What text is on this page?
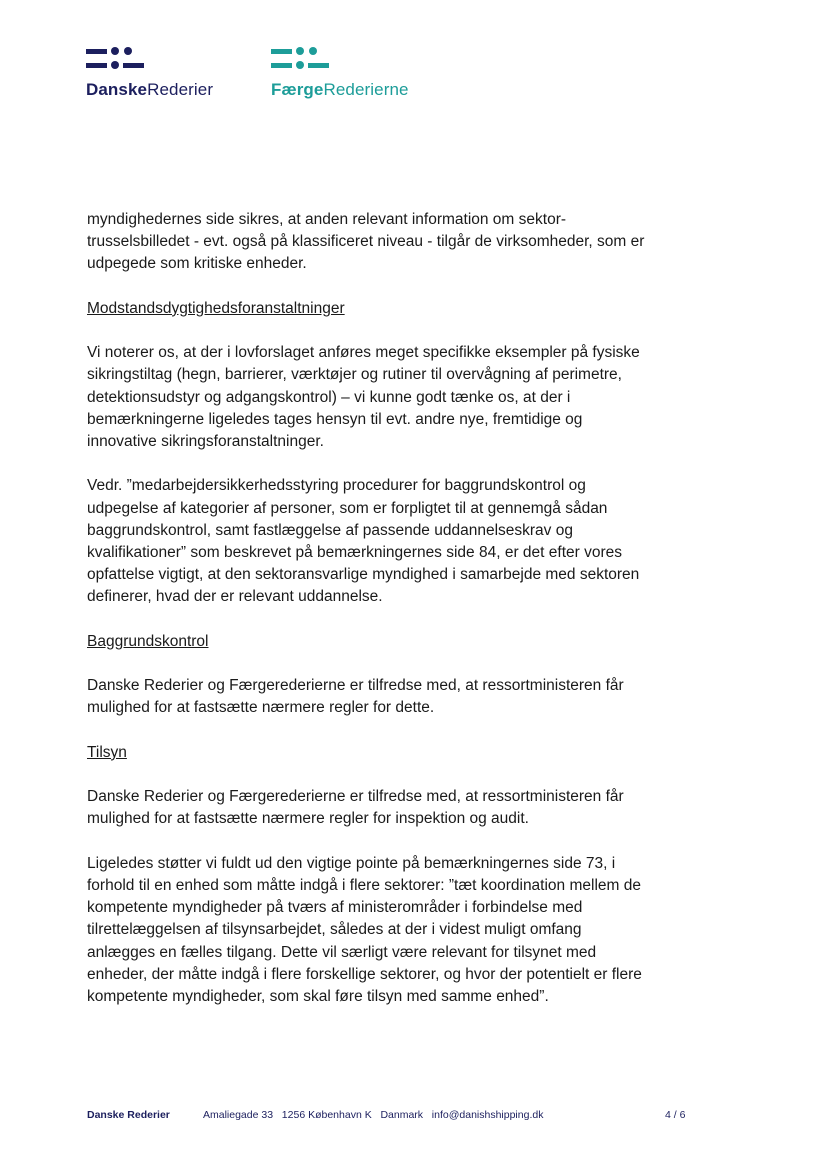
DanskeRederier	FærgeRederierne

myndighedernes side sikres, at anden relevant information om sektor-trusselsbilledet - evt. også på klassificeret niveau - tilgår de virksomheder, som er udpegede som kritiske enheder.

Modstandsdygtighedsforanstaltninger

Vi noterer os, at der i lovforslaget anføres meget specifikke eksempler på fysiske sikringstiltag (hegn, barrierer, værktøjer og rutiner til overvågning af perimetre, detektionsudstyr og adgangskontrol) – vi kunne godt tænke os, at der i bemærkningerne ligeledes tages hensyn til evt. andre nye, fremtidige og innovative sikringsforanstaltninger.

Vedr. ”medarbejdersikkerhedsstyring procedurer for baggrundskontrol og udpegelse af kategorier af personer, som er forpligtet til at gennemgå sådan baggrundskontrol, samt fastlæggelse af passende uddannelseskrav og kvalifikationer” som beskrevet på bemærkningernes side 84, er det efter vores opfattelse vigtigt, at den sektoransvarlige myndighed i samarbejde med sektoren definerer, hvad der er relevant uddannelse.

Baggrundskontrol

Danske Rederier og Færgerederierne er tilfredse med, at ressortministeren får mulighed for at fastsætte nærmere regler for dette.

Tilsyn

Danske Rederier og Færgerederierne er tilfredse med, at ressortministeren får mulighed for at fastsætte nærmere regler for inspektion og audit.

Ligeledes støtter vi fuldt ud den vigtige pointe på bemærkningernes side 73, i forhold til en enhed som måtte indgå i flere sektorer: ”tæt koordination mellem de kompetente myndigheder på tværs af ministerområder i forbindelse med tilrettelæggelsen af tilsynsarbejdet, således at der i videst muligt omfang anlægges en fælles tilgang. Dette vil særligt være relevant for tilsynet med enheder, der måtte indgå i flere forskellige sektorer, og hvor der potentielt er flere kompetente myndigheder, som skal føre tilsyn med samme enhed”.

Danske Rederier	Amaliegade 33   1256 København K   Danmark   info@danishshipping.dk	4 / 6
